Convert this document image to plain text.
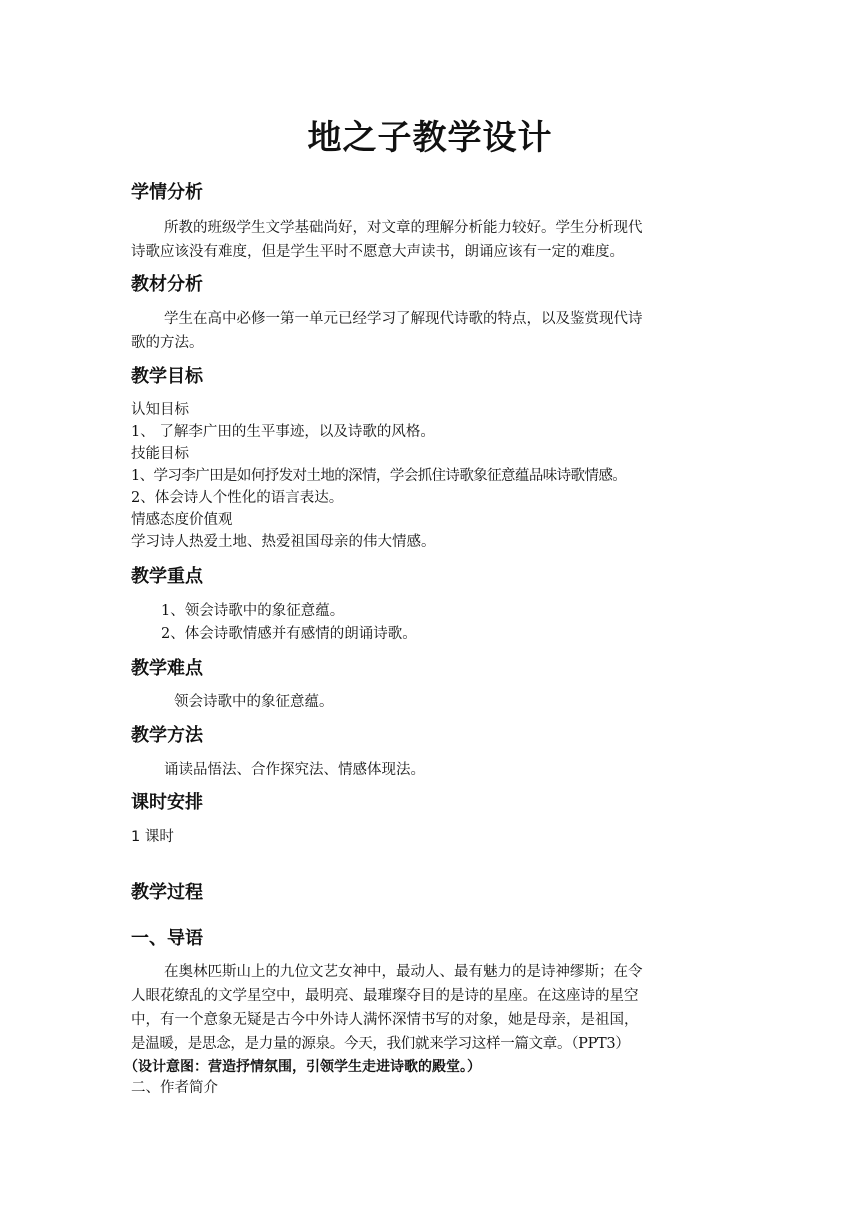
地之子教学设计
学情分析
所教的班级学生文学基础尚好，对文章的理解分析能力较好。学生分析现代
诗歌应该没有难度，但是学生平时不愿意大声读书，朗诵应该有一定的难度。
教材分析
学生在高中必修一第一单元已经学习了解现代诗歌的特点，以及鉴赏现代诗
歌的方法。
教学目标
认知目标
1、 了解李广田的生平事迹，以及诗歌的风格。
技能目标
1、学习李广田是如何抒发对土地的深情，学会抓住诗歌象征意蕴品味诗歌情感。
2、体会诗人个性化的语言表达。
情感态度价值观
学习诗人热爱土地、热爱祖国母亲的伟大情感。
教学重点
1、领会诗歌中的象征意蕴。
2、体会诗歌情感并有感情的朗诵诗歌。
教学难点
领会诗歌中的象征意蕴。
教学方法
诵读品悟法、合作探究法、情感体现法。
课时安排
1 课时
教学过程
一、导语
在奥林匹斯山上的九位文艺女神中，最动人、最有魅力的是诗神缪斯；在令
人眼花缭乱的文学星空中，最明亮、最璀璨夺目的是诗的星座。在这座诗的星空
中，有一个意象无疑是古今中外诗人满怀深情书写的对象，她是母亲，是祖国，
是温暖，是思念，是力量的源泉。今天，我们就来学习这样一篇文章。（PPT3）
（设计意图：营造抒情氛围，引领学生走进诗歌的殿堂。）
二、作者简介
